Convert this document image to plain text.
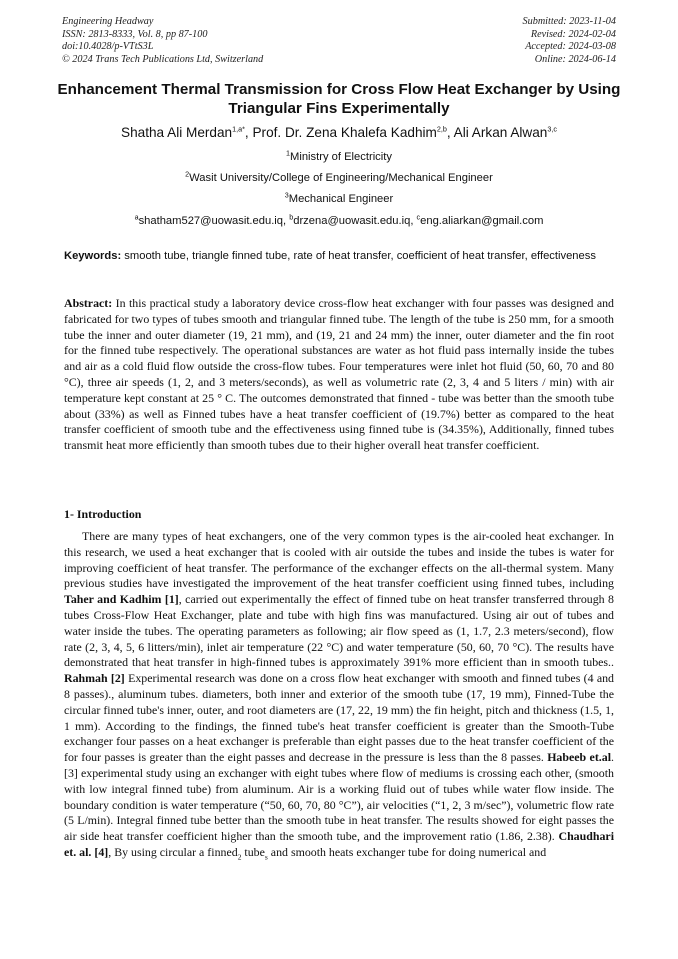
Engineering Headway
ISSN: 2813-8333, Vol. 8, pp 87-100
doi:10.4028/p-VTtS3L
© 2024 Trans Tech Publications Ltd, Switzerland
Submitted: 2023-11-04
Revised: 2024-02-04
Accepted: 2024-03-08
Online: 2024-06-14
Enhancement Thermal Transmission for Cross Flow Heat Exchanger by Using Triangular Fins Experimentally
Shatha Ali Merdan$^{1,a*}$, Prof. Dr. Zena Khalefa Kadhim$^{2,b}$, Ali Arkan Alwan$^{3,c}$
$^1$Ministry of Electricity
$^2$Wasit University/College of Engineering/Mechanical Engineer
$^3$Mechanical Engineer
$^a$shatham527@uowasit.edu.iq, $^b$drzena@uowasit.edu.iq, $^c$eng.aliarkan@gmail.com
Keywords: smooth tube, triangle finned tube, rate of heat transfer, coefficient of heat transfer, effectiveness
Abstract: In this practical study a laboratory device cross-flow heat exchanger with four passes was designed and fabricated for two types of tubes smooth and triangular finned tube. The length of the tube is 250 mm, for a smooth tube the inner and outer diameter (19, 21 mm), and (19, 21 and 24 mm) the inner, outer diameter and the fin root for the finned tube respectively. The operational substances are water as hot fluid pass internally inside the tubes and air as a cold fluid flow outside the cross-flow tubes. Four temperatures were inlet hot fluid (50, 60, 70 and 80 °C), three air speeds (1, 2, and 3 meters/seconds), as well as volumetric rate (2, 3, 4 and 5 liters / min) with air temperature kept constant at 25 ° C. The outcomes demonstrated that finned - tube was better than the smooth tube about (33%) as well as Finned tubes have a heat transfer coefficient of (19.7%) better as compared to the heat transfer coefficient of smooth tube and the effectiveness using finned tube is (34.35%), Additionally, finned tubes transmit heat more efficiently than smooth tubes due to their higher overall heat transfer coefficient.
1- Introduction
There are many types of heat exchangers, one of the very common types is the air-cooled heat exchanger. In this research, we used a heat exchanger that is cooled with air outside the tubes and inside the tubes is water for improving coefficient of heat transfer. The performance of the exchanger effects on the all-thermal system. Many previous studies have investigated the improvement of the heat transfer coefficient using finned tubes, including Taher and Kadhim [1], carried out experimentally the effect of finned tube on heat transfer transferred through 8 tubes Cross-Flow Heat Exchanger, plate and tube with high fins was manufactured. Using air out of tubes and water inside the tubes. The operating parameters as following; air flow speed as (1, 1.7, 2.3 meters/second), flow rate (2, 3, 4, 5, 6 litters/min), inlet air temperature (22 °C) and water temperature (50, 60, 70 °C). The results have demonstrated that heat transfer in high-finned tubes is approximately 391% more efficient than in smooth tubes.. Rahmah [2] Experimental research was done on a cross flow heat exchanger with smooth and finned tubes (4 and 8 passes)., aluminum tubes. diameters, both inner and exterior of the smooth tube (17, 19 mm), Finned-Tube the circular finned tube's inner, outer, and root diameters are (17, 22, 19 mm) the fin height, pitch and thickness (1.5, 1, 1 mm). According to the findings, the finned tube's heat transfer coefficient is greater than the Smooth-Tube exchanger four passes on a heat exchanger is preferable than eight passes due to the heat transfer coefficient of the for four passes is greater than the eight passes and decrease in the pressure is less than the 8 passes. Habeeb et.al. [3] experimental study using an exchanger with eight tubes where flow of mediums is crossing each other, (smooth with low integral finned tube) from aluminum. Air is a working fluid out of tubes while water flow inside. The boundary condition is water temperature (“50, 60, 70, 80 °C”), air velocities (“1, 2, 3 m/sec”), volumetric flow rate (5 L/min). Integral finned tube better than the smooth tube in heat transfer. The results showed for eight passes the air side heat transfer coefficient higher than the smooth tube, and the improvement ratio (1.86, 2.38). Chaudhari et. al. [4], By using circular a finned$_2$ tube$_s$ and smooth heats exchanger tube for doing numerical and
